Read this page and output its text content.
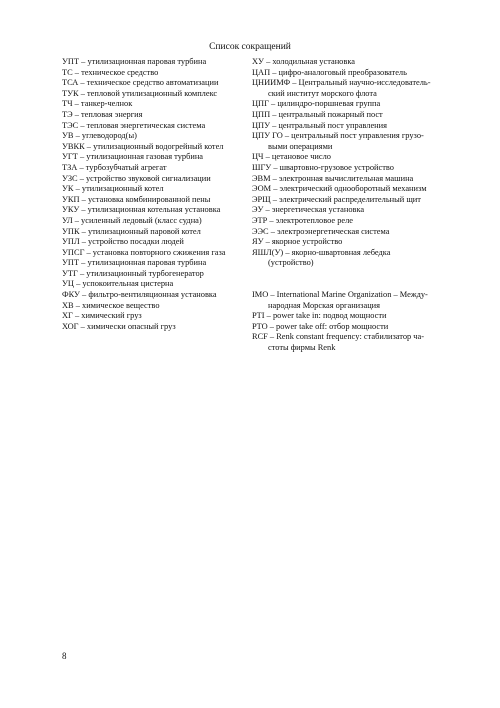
Список сокращений
УПТ – утилизационная паровая турбина
ТС – техническое средство
ТСА – техническое средство автоматизации
ТУК – тепловой утилизационный комплекс
ТЧ – танкер-челнок
ТЭ – тепловая энергия
ТЭС – тепловая энергетическая система
УВ – углеводород(ы)
УВКК – утилизационный водогрейный котел
УГТ – утилизационная газовая турбина
ТЗА – турбозубчатый агрегат
УЗС – устройство звуковой сигнализации
УК – утилизационный котел
УКП – установка комбинированной пены
УКУ – утилизационная котельная установка
УЛ – усиленный ледовый (класс судна)
УПК – утилизационный паровой котел
УПЛ – устройство посадки людей
УПСГ – установка повторного сжижения газа
УПТ – утилизационная паровая турбина
УТГ – утилизационный турбогенератор
УЦ – успокоительная цистерна
ФКУ – фильтро-вентиляционная установка
ХВ – химическое вещество
ХГ – химический груз
ХОГ – химически опасный груз
ХУ – холодильная установка
ЦАП – цифро-аналоговый преобразователь
ЦНИИМФ – Центральный научно-исследователь-
ский институт морского флота
ЦПГ – цилиндро-поршневая группа
ЦПП – центральный пожарный пост
ЦПУ – центральный пост управления
ЦПУ ГО – центральный пост управления грузо-
выми операциями
ЦЧ – цетановое число
ШГУ – швартовно-грузовое устройство
ЭВМ – электронная вычислительная машина
ЭОМ – электрический однооборотный механизм
ЭРЩ – электрический распределительный щит
ЭУ – энергетическая установка
ЭТР – электротепловое реле
ЭЭС – электроэнергетическая система
ЯУ – якорное устройство
ЯШЛ(У) – якорно-швартовная лебедка
(устройство)
IMO – International Marine Organization – Между-
народная Морская организация
PTI – power take in: подвод мощности
PTO – power take off: отбор мощности
RCF – Renk constant frequency: стабилизатор ча-
стоты фирмы Renk
8
